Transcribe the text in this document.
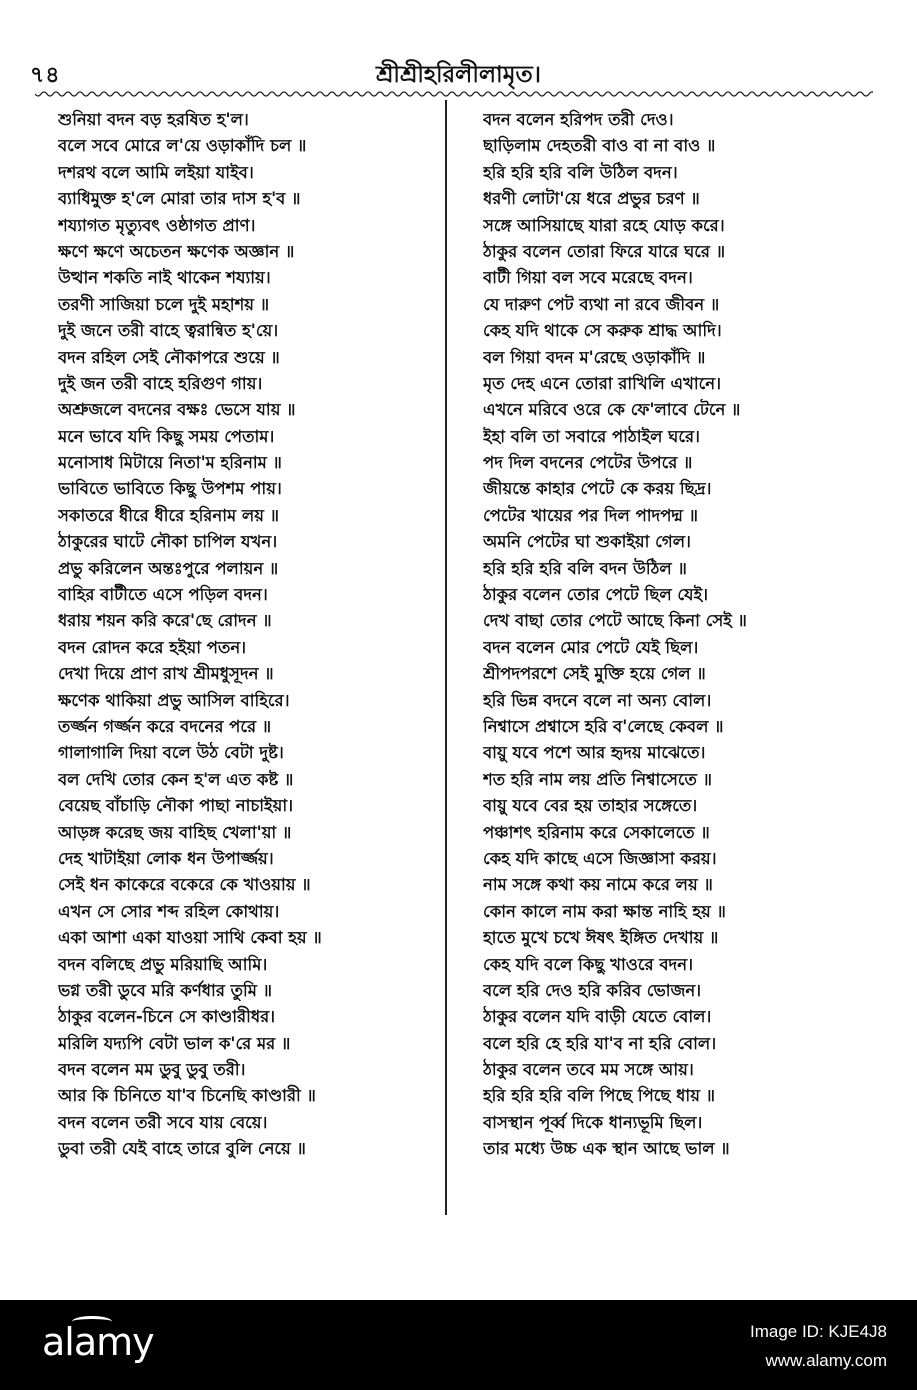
৭৪	শ্রীশ্রীহরিলীলামৃত।
শুনিয়া বদন বড় হরষিত হ'ল।
বলে সবে মোরে ল'য়ে ওড়াকাঁদি চল ॥
দশরথ বলে আমি লইয়া যাইব।
ব্যাধিমুক্ত হ'লে মোরা তার দাস হ'ব ॥
শয্যাগত মৃত্যুবৎ ওষ্ঠাগত প্রাণ।
ক্ষণে ক্ষণে অচেতন ক্ষণেক অজ্ঞান ॥
উত্থান শকতি নাই থাকেন শয্যায়।
তরণী সাজিয়া চলে দুই মহাশয় ॥
দুই জনে তরী বাহে ত্বরান্বিত হ'য়ে।
বদন রহিল সেই নৌকাপরে শুয়ে ॥
দুই জন তরী বাহে হরিগুণ গায়।
অশ্রুজলে বদনের বক্ষঃ ভেসে যায় ॥
মনে ভাবে যদি কিছু সময় পেতাম।
মনোসাধ মিটায়ে নিতা'ম হরিনাম ॥
ভাবিতে ভাবিতে কিছু উপশম পায়।
সকাতরে ধীরে ধীরে হরিনাম লয় ॥
ঠাকুরের ঘাটে নৌকা চাপিল যখন।
প্রভু করিলেন অন্তঃপুরে পলায়ন ॥
বাহির বাটীতে এসে পড়িল বদন।
ধরায় শয়ন করি করে'ছে রোদন ॥
বদন রোদন করে হইয়া পতন।
দেখা দিয়ে প্রাণ রাখ শ্রীমধুসূদন ॥
ক্ষণেক থাকিয়া প্রভু আসিল বাহিরে।
তর্জ্জন গর্জ্জন করে বদনের পরে ॥
গালাগালি দিয়া বলে উঠ বেটা দুষ্ট।
বল দেখি তোর কেন হ'ল এত কষ্ট ॥
বেয়েছ বাঁচাড়ি নৌকা পাছা নাচাইয়া।
আড়ঙ্গ করেছ জয় বাহিছ খেলা'য়া ॥
দেহ খাটাইয়া লোক ধন উপার্জ্জয়।
সেই ধন কাকেরে বকেরে কে খাওয়ায় ॥
এখন সে সোর শব্দ রহিল কোথায়।
একা আশা একা যাওয়া সাথি কেবা হয় ॥
বদন বলিছে প্রভু মরিয়াছি আমি।
ভগ্ন তরী ডুবে মরি কর্ণধার তুমি ॥
ঠাকুর বলেন-চিনে সে কাণ্ডারীধর।
মরিলি যদ্যপি বেটা ভাল ক'রে মর ॥
বদন বলেন মম ডুবু ডুবু তরী।
আর কি চিনিতে যা'ব চিনেছি কাণ্ডারী ॥
বদন বলেন তরী সবে যায় বেয়ে।
ডুবা তরী যেই বাহে তারে বুলি নেয়ে ॥
বদন বলেন হরিপদ তরী দেও।
ছাড়িলাম দেহতরী বাও বা না বাও ॥
হরি হরি হরি বলি উঠিল বদন।
ধরণী লোটা'য়ে ধরে প্রভুর চরণ ॥
সঙ্গে আসিয়াছে যারা রহে যোড় করে।
ঠাকুর বলেন তোরা ফিরে যারে ঘরে ॥
বাটী গিয়া বল সবে মরেছে বদন।
যে দারুণ পেট ব্যথা না রবে জীবন ॥
কেহ যদি থাকে সে করুক শ্রাদ্ধ আদি।
বল গিয়া বদন ম'রেছে ওড়াকাঁদি ॥
মৃত দেহ এনে তোরা রাখিলি এখানে।
এখনে মরিবে ওরে কে ফে'লাবে টেনে ॥
ইহা বলি তা সবারে পাঠাইল ঘরে।
পদ দিল বদনের পেটের উপরে ॥
জীয়ন্তে কাহার পেটে কে করয় ছিদ্র।
পেটের খায়ের পর দিল পাদপদ্ম ॥
অমনি পেটের ঘা শুকাইয়া গেল।
হরি হরি হরি বলি বদন উঠিল ॥
ঠাকুর বলেন তোর পেটে ছিল যেই।
দেখ বাছা তোর পেটে আছে কিনা সেই ॥
বদন বলেন মোর পেটে যেই ছিল।
শ্রীপদপরশে সেই মুক্তি হয়ে গেল ॥
হরি ভিন্ন বদনে বলে না অন্য বোল।
নিশ্বাসে প্রশ্বাসে হরি ব'লেছে কেবল ॥
বায়ু যবে পশে আর হৃদয় মাঝেতে।
শত হরি নাম লয় প্রতি নিশ্বাসেতে ॥
বায়ু যবে বের হয় তাহার সঙ্গেতে।
পঞ্চাশৎ হরিনাম করে সেকালেতে ॥
কেহ যদি কাছে এসে জিজ্ঞাসা করয়।
নাম সঙ্গে কথা কয় নামে করে লয় ॥
কোন কালে নাম করা ক্ষান্ত নাহি হয় ॥
হাতে মুখে চখে ঈষৎ ইঙ্গিত দেখায় ॥
কেহ যদি বলে কিছু খাওরে বদন।
বলে হরি দেও হরি করিব ভোজন।
ঠাকুর বলেন যদি বাড়ী যেতে বোল।
বলে হরি হে হরি যা'ব না হরি বোল।
ঠাকুর বলেন তবে মম সঙ্গে আয়।
হরি হরি হরি বলি পিছে পিছে ধায় ॥
বাসস্থান পূর্ব্ব দিকে ধান্যভূমি ছিল।
তার মধ্যে উচ্চ এক স্থান আছে ভাল ॥
alamy	Image ID: KJE4J8
www.alamy.com
